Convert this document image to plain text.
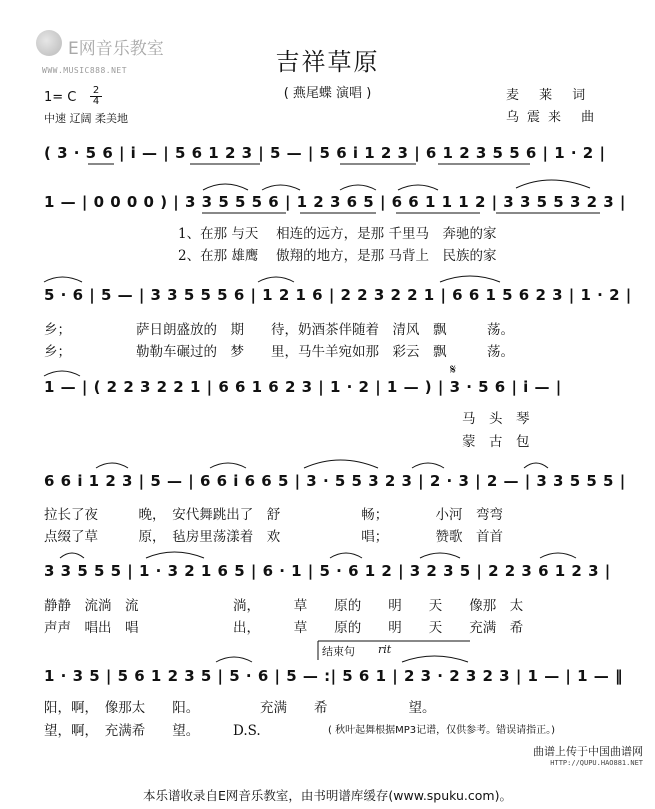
E网音乐教室
WWW.MUSIC888.NET	吉祥草原
( 燕尾蝶 演唱 )	麦 莱 词
乌震来 曲
1= C 2
4
中速 辽阔 柔美地
( 3 · 5 6 | i — | 5 6 1 2 3 | 5 — | 5 6 i 1 2 3 | 6 1 2 3 5 5 6 | 1 · 2 |
1 — | 0 0 0 0 ) | 3 3 5 5 5 6 | 1 2 3 6 5 | 6 6 1 1 1 2 | 3 3 5 5 3 2 3 |
1、在那 与天　 相连的远方，是那 千里马　奔驰的家
2、在那 雄鹰　 傲翔的地方，是那 马背上　民族的家
5 · 6 | 5 — | 3 3 5 5 5 6 | 1 2 1 6 | 2 2 3 2 2 1 | 6 6 1 5 6 2 3 | 1 · 2 |
乡；　　　　　 萨日朗盛放的　期　　待，奶酒茶伴随着　清风　飘　　　荡。
乡；　　　　　 勒勒车碾过的　梦　　里，马牛羊宛如那　彩云　飘　　　荡。
1 — | ( 2 2 3 2 2 1 | 6 6 1 6 2 3 | 1 · 2 | 1 — ) | 3 · 5 6 | i — |
𝄋
马　头　琴
蒙　古　包
6 6 i 1 2 3 | 5 — | 6 6 i 6 6 5 | 3 · 5 5 3 2 3 | 2 · 3 | 2 — | 3 3 5 5 5 |
拉长了夜　　　晚，　安代舞跳出了　舒　　　　　　畅；　　　　小河　弯弯
点缀了草　　　原，　毡房里荡漾着　欢　　　　　　唱；　　　　赞歌　首首
3 3 5 5 5 | 1 · 3 2 1 6 5 | 6 · 1 | 5 · 6 1 2 | 3 2 3 5 | 2 2 3 6 1 2 3 |
静静　流淌　流　　　　　　　淌，　　　草　　原的　　明　　天　　像那　太
声声　唱出　唱　　　　　　　出，　　　草　　原的　　明　　天　　充满　希
结束句 rit
1 · 3 5 | 5 6 1 2 3 5 | 5 · 6 | 5 — :| 5 6 1 | 2 3 · 2 3 2 3 | 1 — | 1 — ‖
阳，啊，　像那太　　阳。　　　　　充满　　希　　　　　　望。
望，啊，　充满希　　望。　　　D.S.	( 秋叶起舞根据MP3记谱，仅供参考。错误请指正。)
曲谱上传于中国曲谱网
HTTP://QUPU.HAO881.NET
本乐谱收录自E网音乐教室，由书明谱库缓存(www.spuku.com)。
